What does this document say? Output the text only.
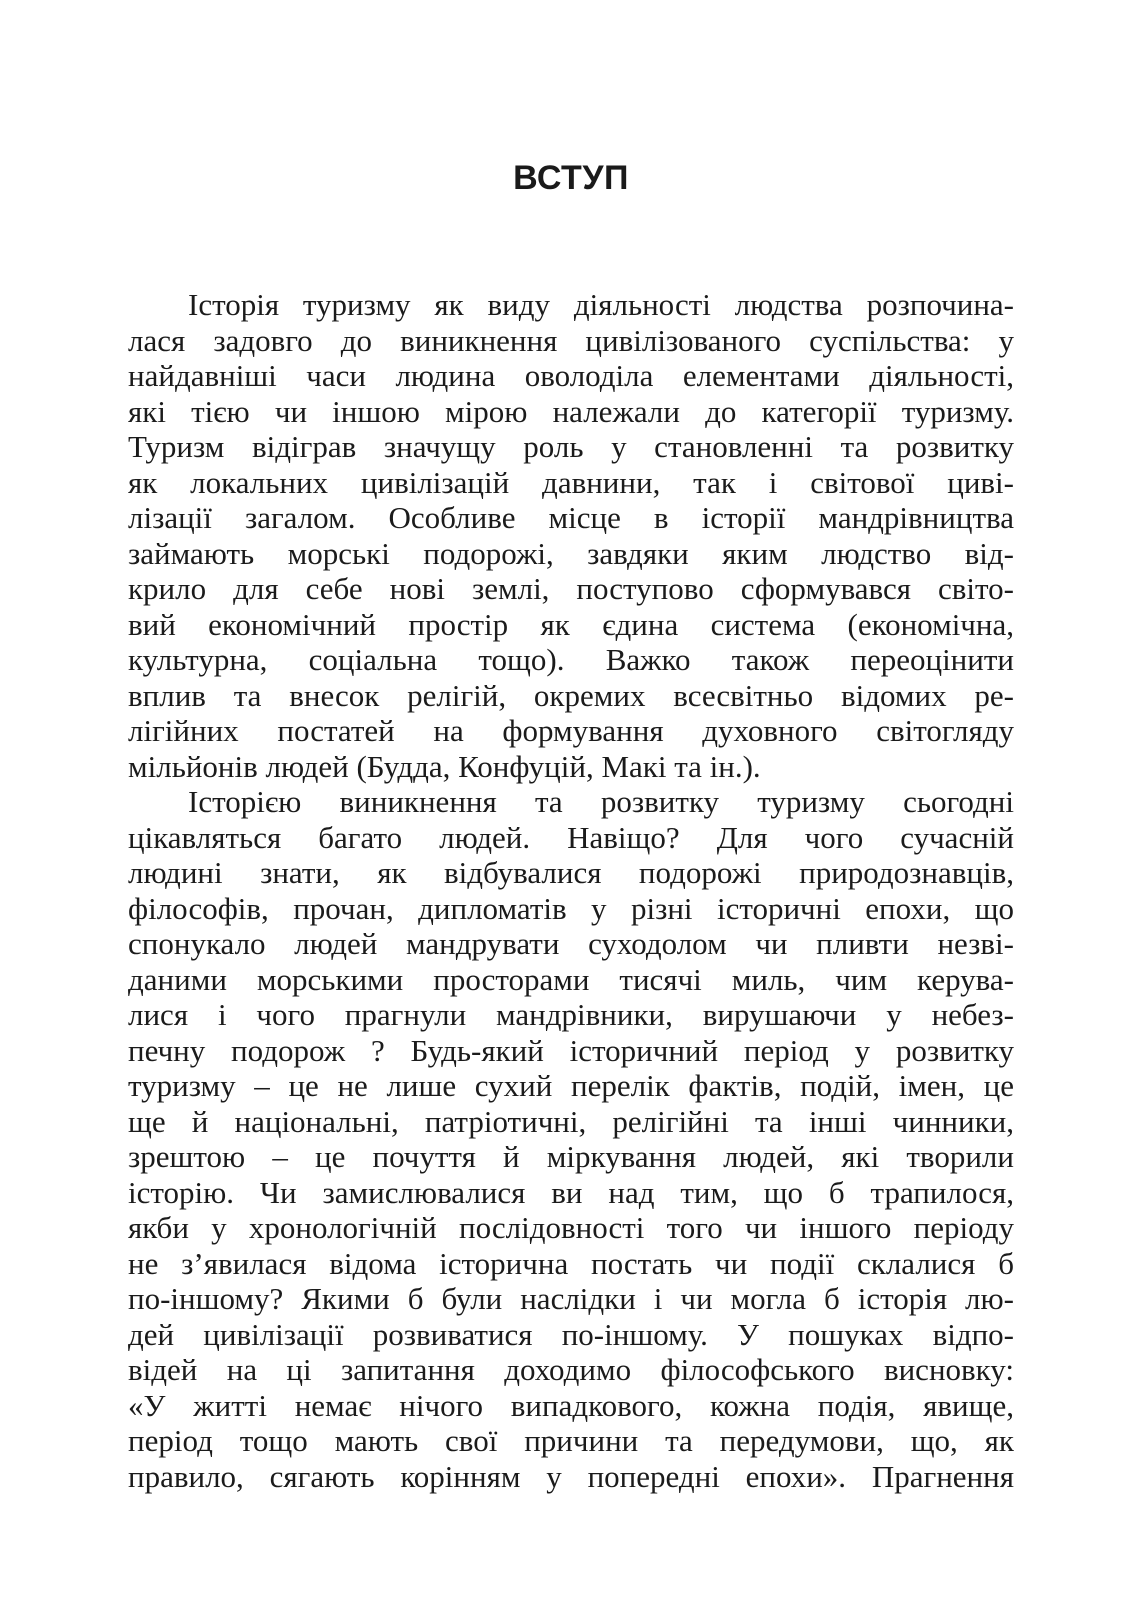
ВСТУП
Історія туризму як виду діяльності людства розпочина-
лася задовго до виникнення цивілізованого суспільства: у
найдавніші часи людина оволоділа елементами діяльності,
які тією чи іншою мірою належали до категорії туризму.
Туризм відіграв значущу роль у становленні та розвитку
як локальних цивілізацій давнини, так і світової циві-
лізації загалом. Особливе місце в історії мандрівництва
займають морські подорожі, завдяки яким людство від-
крило для себе нові землі, поступово сформувався світо-
вий економічний простір як єдина система (економічна,
культурна, соціальна тощо). Важко також переоцінити
вплив та внесок релігій, окремих всесвітньо відомих ре-
лігійних постатей на формування духовного світогляду
мільйонів людей (Будда, Конфуцій, Макі та ін.).
Історією виникнення та розвитку туризму сьогодні
цікавляться багато людей. Навіщо? Для чого сучасній
людині знати, як відбувалися подорожі природознавців,
філософів, прочан, дипломатів у різні історичні епохи, що
спонукало людей мандрувати суходолом чи пливти незві-
даними морськими просторами тисячі миль, чим керува-
лися і чого прагнули мандрівники, вирушаючи у небез-
печну подорож ? Будь-який історичний період у розвитку
туризму – це не лише сухий перелік фактів, подій, імен, це
ще й національні, патріотичні, релігійні та інші чинники,
зрештою – це почуття й міркування людей, які творили
історію. Чи замислювалися ви над тим, що б трапилося,
якби у хронологічній послідовності того чи іншого періоду
не з’явилася відома історична постать чи події склалися б
по-іншому? Якими б були наслідки і чи могла б історія лю-
дей цивілізації розвиватися по-іншому. У пошуках відпо-
відей на ці запитання доходимо філософського висновку:
«У житті немає нічого випадкового, кожна подія, явище,
період тощо мають свої причини та передумови, що, як
правило, сягають корінням у попередні епохи». Прагнення
